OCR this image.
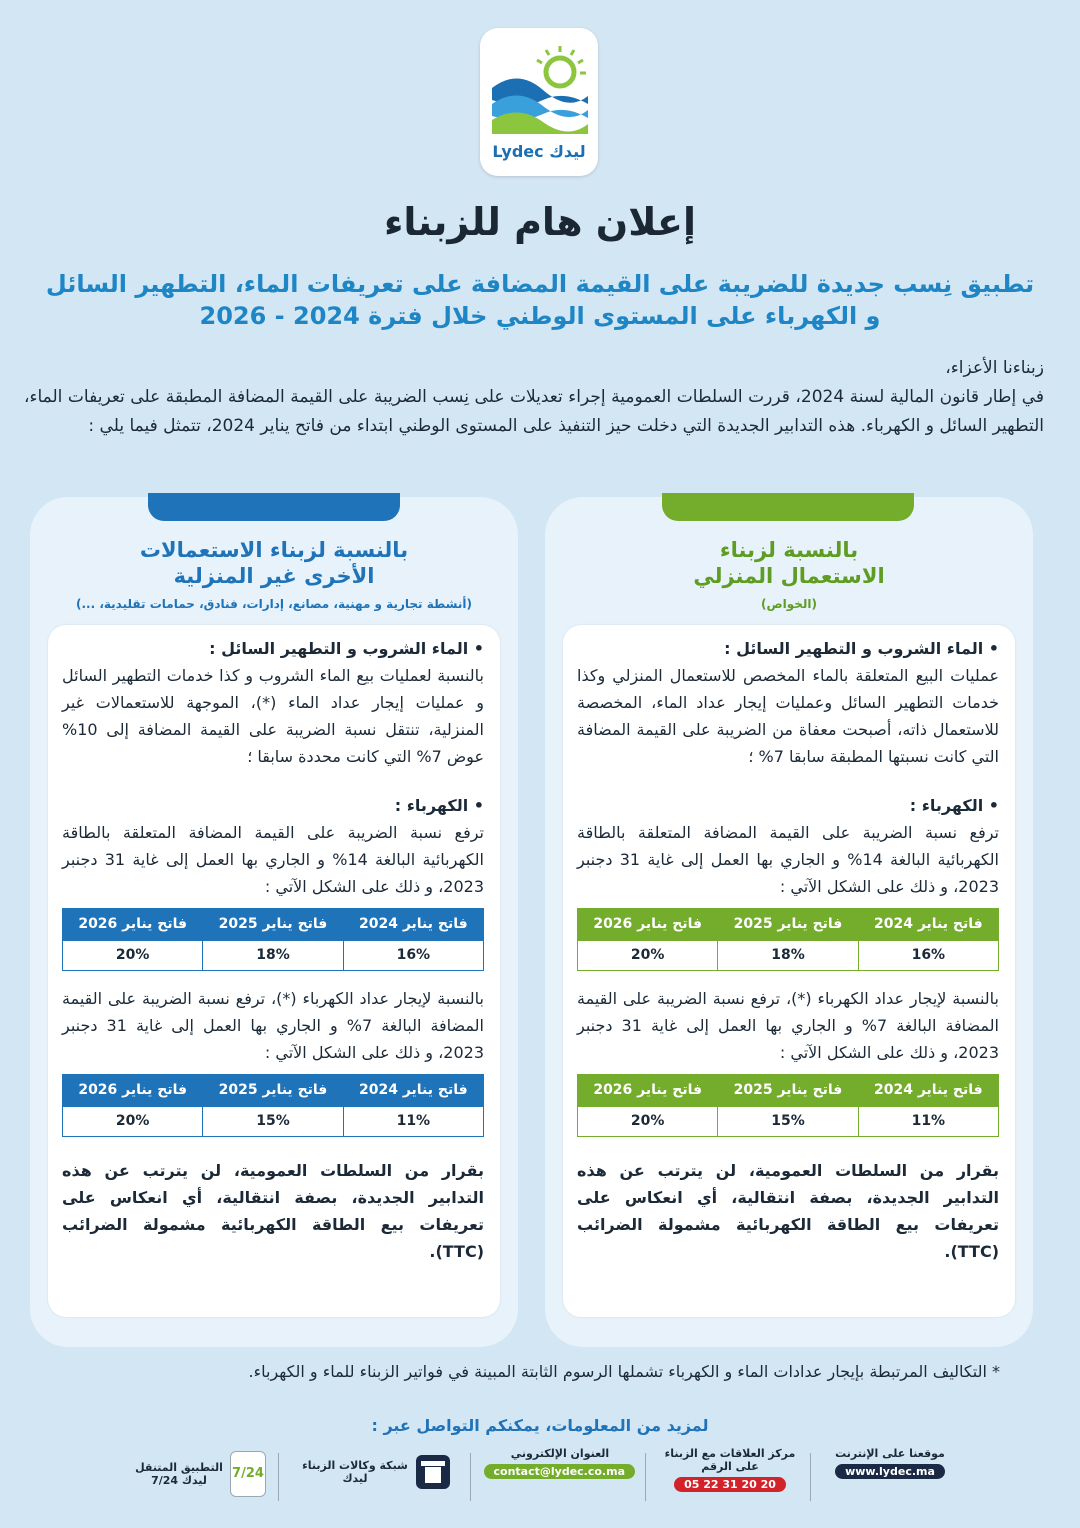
Lydec ليدك
إعلان هام للزبناء
تطبيق نِسب جديدة للضريبة على القيمة المضافة على تعريفات الماء، التطهير السائل
و الكهرباء على المستوى الوطني خلال فترة 2024 - 2026

زبناءنا الأعزاء،

في إطار قانون المالية لسنة 2024، قررت السلطات العمومية إجراء تعديلات على نِسب الضريبة على القيمة المضافة المطبقة على تعريفات الماء، التطهير السائل و الكهرباء. هذه التدابير الجديدة التي دخلت حيز التنفيذ على المستوى الوطني ابتداء من فاتح يناير 2024، تتمثل فيما يلي :

بالنسبة لزبناء الاستعمالات
الأخرى غير المنزلية
(أنشطة تجارية و مهنية، مصانع، إدارات، فنادق، حمامات تقليدية، ...)

• الماء الشروب و التطهير السائل :

بالنسبة لعمليات بيع الماء الشروب و كذا خدمات التطهير السائل و عمليات إيجار عداد الماء (*)، الموجهة للاستعمالات غير المنزلية، تنتقل نسبة الضريبة على القيمة المضافة إلى 10% عوض 7% التي كانت محددة سابقا ؛

• الكهرباء :

ترفع نسبة الضريبة على القيمة المضافة المتعلقة بالطاقة الكهربائية البالغة 14% و الجاري بها العمل إلى غاية 31 دجنبر 2023، و ذلك على الشكل الآتي :

فاتح يناير 2024	فاتح يناير 2025	فاتح يناير 2026
16%	18%	20%

بالنسبة لإيجار عداد الكهرباء (*)، ترفع نسبة الضريبة على القيمة المضافة البالغة 7% و الجاري بها العمل إلى غاية 31 دجنبر 2023، و ذلك على الشكل الآتي :

فاتح يناير 2024	فاتح يناير 2025	فاتح يناير 2026
11%	15%	20%

بقرار من السلطات العمومية، لن يترتب عن هذه التدابير الجديدة، بصفة انتقالية، أي انعكاس على تعريفات بيع الطاقة الكهربائية مشمولة الضرائب (TTC).

بالنسبة لزبناء
الاستعمال المنزلي
(الخواص)

• الماء الشروب و التطهير السائل :

عمليات البيع المتعلقة بالماء المخصص للاستعمال المنزلي وكذا خدمات التطهير السائل وعمليات إيجار عداد الماء، المخصصة للاستعمال ذاته، أصبحت معفاة من الضريبة على القيمة المضافة التي كانت نسبتها المطبقة سابقا 7% ؛

• الكهرباء :

ترفع نسبة الضريبة على القيمة المضافة المتعلقة بالطاقة الكهربائية البالغة 14% و الجاري بها العمل إلى غاية 31 دجنبر 2023، و ذلك على الشكل الآتي :

فاتح يناير 2024	فاتح يناير 2025	فاتح يناير 2026
16%	18%	20%

بالنسبة لإيجار عداد الكهرباء (*)، ترفع نسبة الضريبة على القيمة المضافة البالغة 7% و الجاري بها العمل إلى غاية 31 دجنبر 2023، و ذلك على الشكل الآتي :

فاتح يناير 2024	فاتح يناير 2025	فاتح يناير 2026
11%	15%	20%

بقرار من السلطات العمومية، لن يترتب عن هذه التدابير الجديدة، بصفة انتقالية، أي انعكاس على تعريفات بيع الطاقة الكهربائية مشمولة الضرائب (TTC).

* التكاليف المرتبطة بإيجار عدادات الماء و الكهرباء تشملها الرسوم الثابتة المبينة في فواتير الزبناء للماء و الكهرباء.
لمزيد من المعلومات، يمكنكم التواصل عبر :
موقعنا على الإنترنت
www.lydec.ma
مركز العلاقات مع الزبناء على الرقم
05 22 31 20 20
العنوان الإلكتروني
contact@lydec.co.ma
شبكة وكالات الزبناء ليدك
7/24
التطبيق المتنقل ليدك 7/24
